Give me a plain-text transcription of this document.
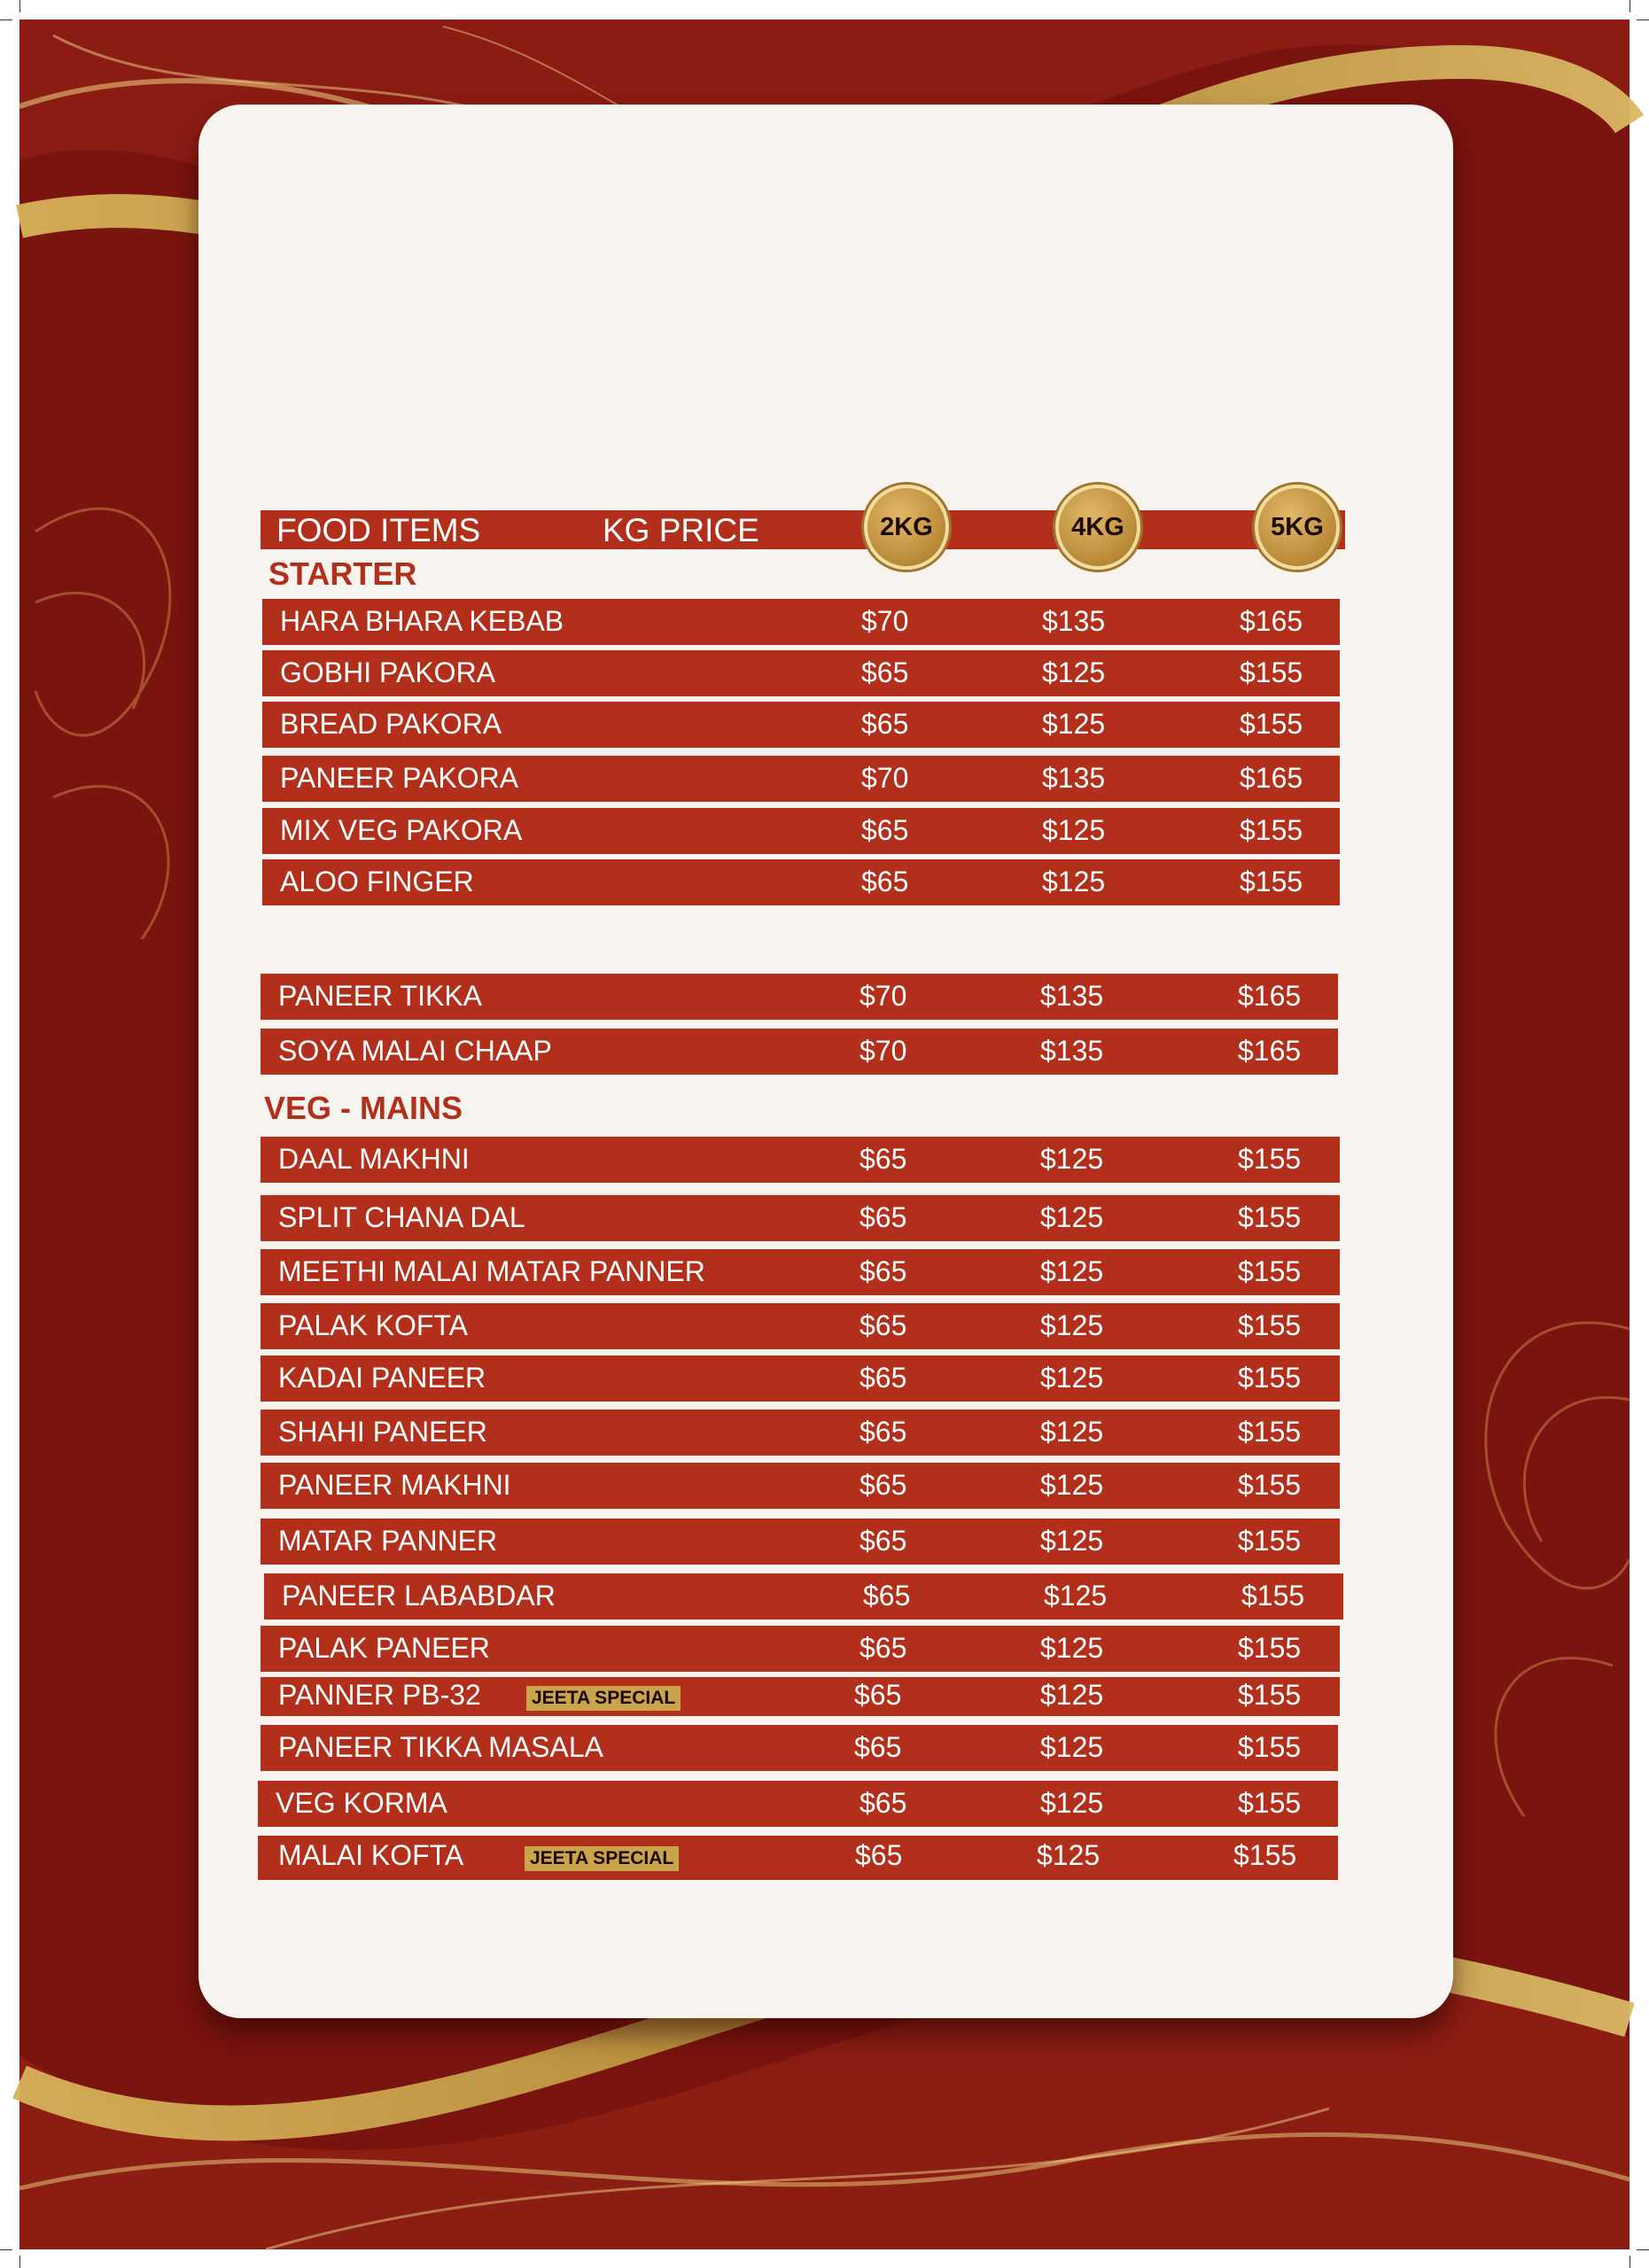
FOOD ITEMS	KG PRICE	2KG	4KG	5KG
STARTER
HARA BHARA KEBAB	$70	$135	$165
GOBHI PAKORA	$65	$125	$155
BREAD PAKORA	$65	$125	$155
PANEER PAKORA	$70	$135	$165
MIX VEG PAKORA	$65	$125	$155
ALOO FINGER	$65	$125	$155
PANEER TIKKA	$70	$135	$165
SOYA MALAI CHAAP	$70	$135	$165
VEG - MAINS
DAAL MAKHNI	$65	$125	$155
SPLIT CHANA DAL	$65	$125	$155
MEETHI MALAI MATAR PANNER	$65	$125	$155
PALAK KOFTA	$65	$125	$155
KADAI PANEER	$65	$125	$155
SHAHI PANEER	$65	$125	$155
PANEER MAKHNI	$65	$125	$155
MATAR PANNER	$65	$125	$155
PANEER LABABDAR	$65	$125	$155
PALAK PANEER	$65	$125	$155
PANNER PB-32	JEETA SPECIAL	$65	$125	$155
PANEER TIKKA MASALA	$65	$125	$155
VEG KORMA	$65	$125	$155
MALAI KOFTA	JEETA SPECIAL	$65	$125	$155
